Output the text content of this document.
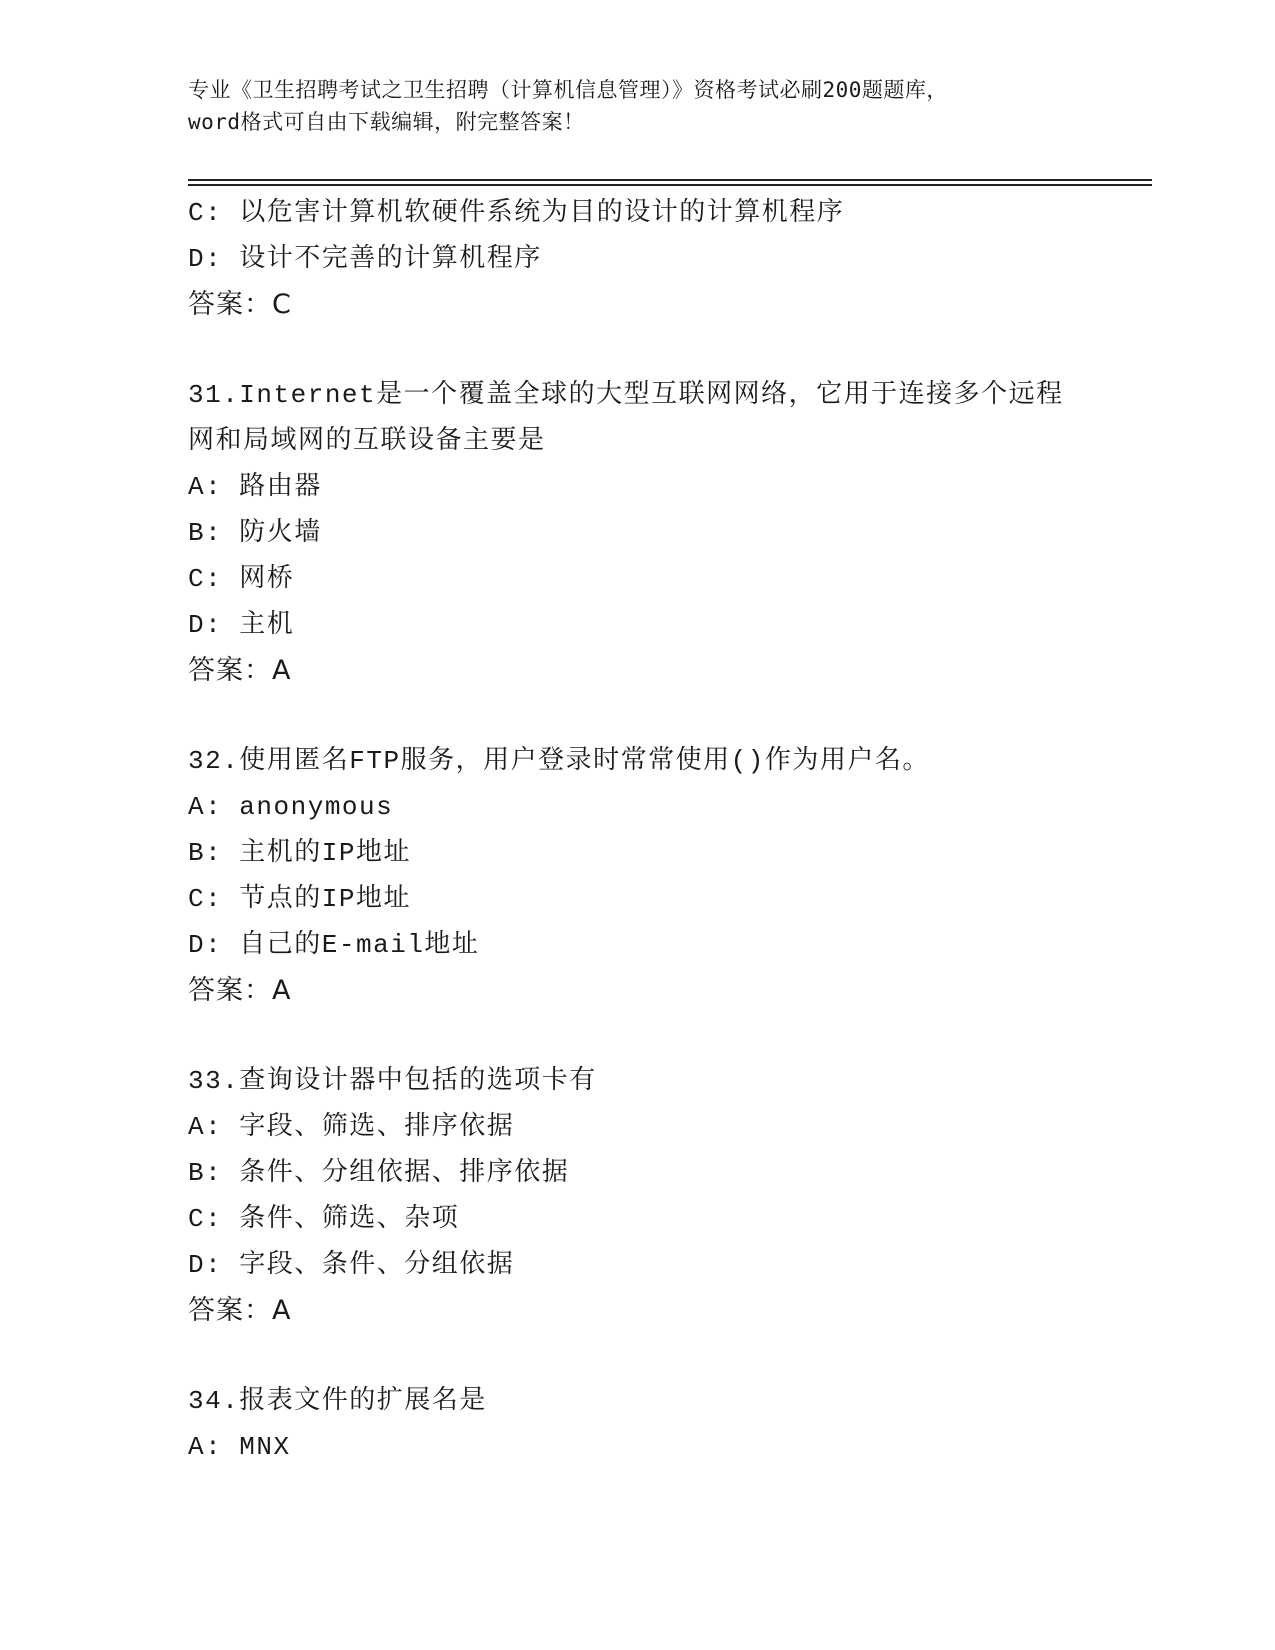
专业《卫生招聘考试之卫生招聘（计算机信息管理）》资格考试必刷200题题库，
word格式可自由下载编辑，附完整答案！
C: 以危害计算机软硬件系统为目的设计的计算机程序
D: 设计不完善的计算机程序
答案：C
31.Internet是一个覆盖全球的大型互联网网络，它用于连接多个远程
网和局域网的互联设备主要是
A: 路由器
B: 防火墙
C: 网桥
D: 主机
答案：A
32.使用匿名FTP服务，用户登录时常常使用()作为用户名。
A: anonymous
B: 主机的IP地址
C: 节点的IP地址
D: 自己的E-mail地址
答案：A
33.查询设计器中包括的选项卡有
A: 字段、筛选、排序依据
B: 条件、分组依据、排序依据
C: 条件、筛选、杂项
D: 字段、条件、分组依据
答案：A
34.报表文件的扩展名是
A: MNX
